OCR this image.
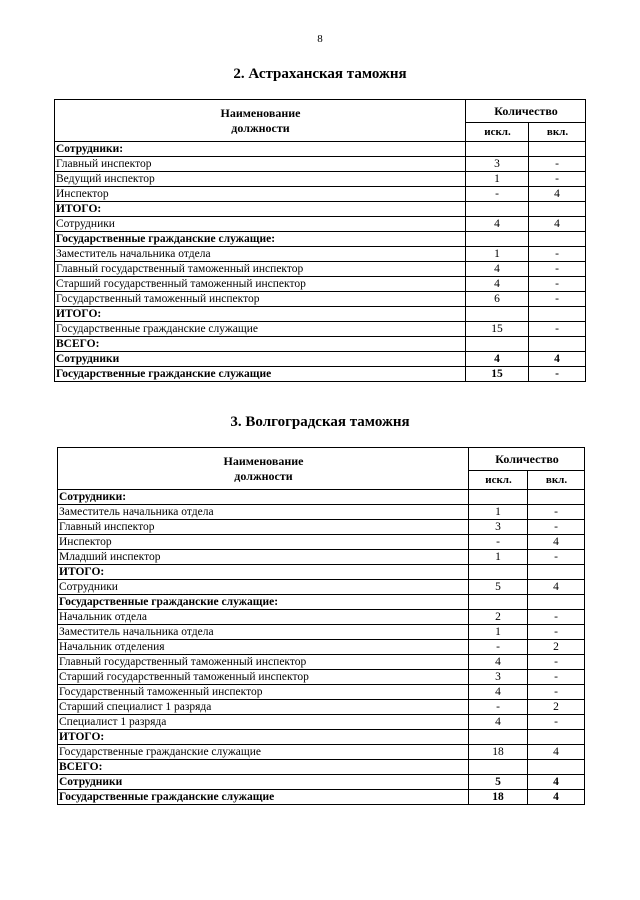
8
2. Астраханская таможня
Наименование
должности	Количество	
	искл.	вкл.
Сотрудники:		
Главный инспектор	3	-
Ведущий инспектор	1	-
Инспектор	-	4
ИТОГО:		
Сотрудники	4	4
Государственные гражданские служащие:		
Заместитель начальника отдела	1	-
Главный государственный таможенный инспектор	4	-
Старший государственный таможенный инспектор	4	-
Государственный таможенный инспектор	6	-
ИТОГО:		
Государственные гражданские служащие	15	-
ВСЕГО:		
Сотрудники	4	4
Государственные гражданские служащие	15	-
3. Волгоградская таможня
Наименование
должности	Количество	
	искл.	вкл.
Сотрудники:		
Заместитель начальника отдела	1	-
Главный инспектор	3	-
Инспектор	-	4
Младший инспектор	1	-
ИТОГО:		
Сотрудники	5	4
Государственные гражданские служащие:		
Начальник отдела	2	-
Заместитель начальника отдела	1	-
Начальник отделения	-	2
Главный государственный таможенный инспектор	4	-
Старший государственный таможенный инспектор	3	-
Государственный таможенный инспектор	4	-
Старший специалист 1 разряда	-	2
Специалист 1 разряда	4	-
ИТОГО:		
Государственные гражданские служащие	18	4
ВСЕГО:		
Сотрудники	5	4
Государственные гражданские служащие	18	4
